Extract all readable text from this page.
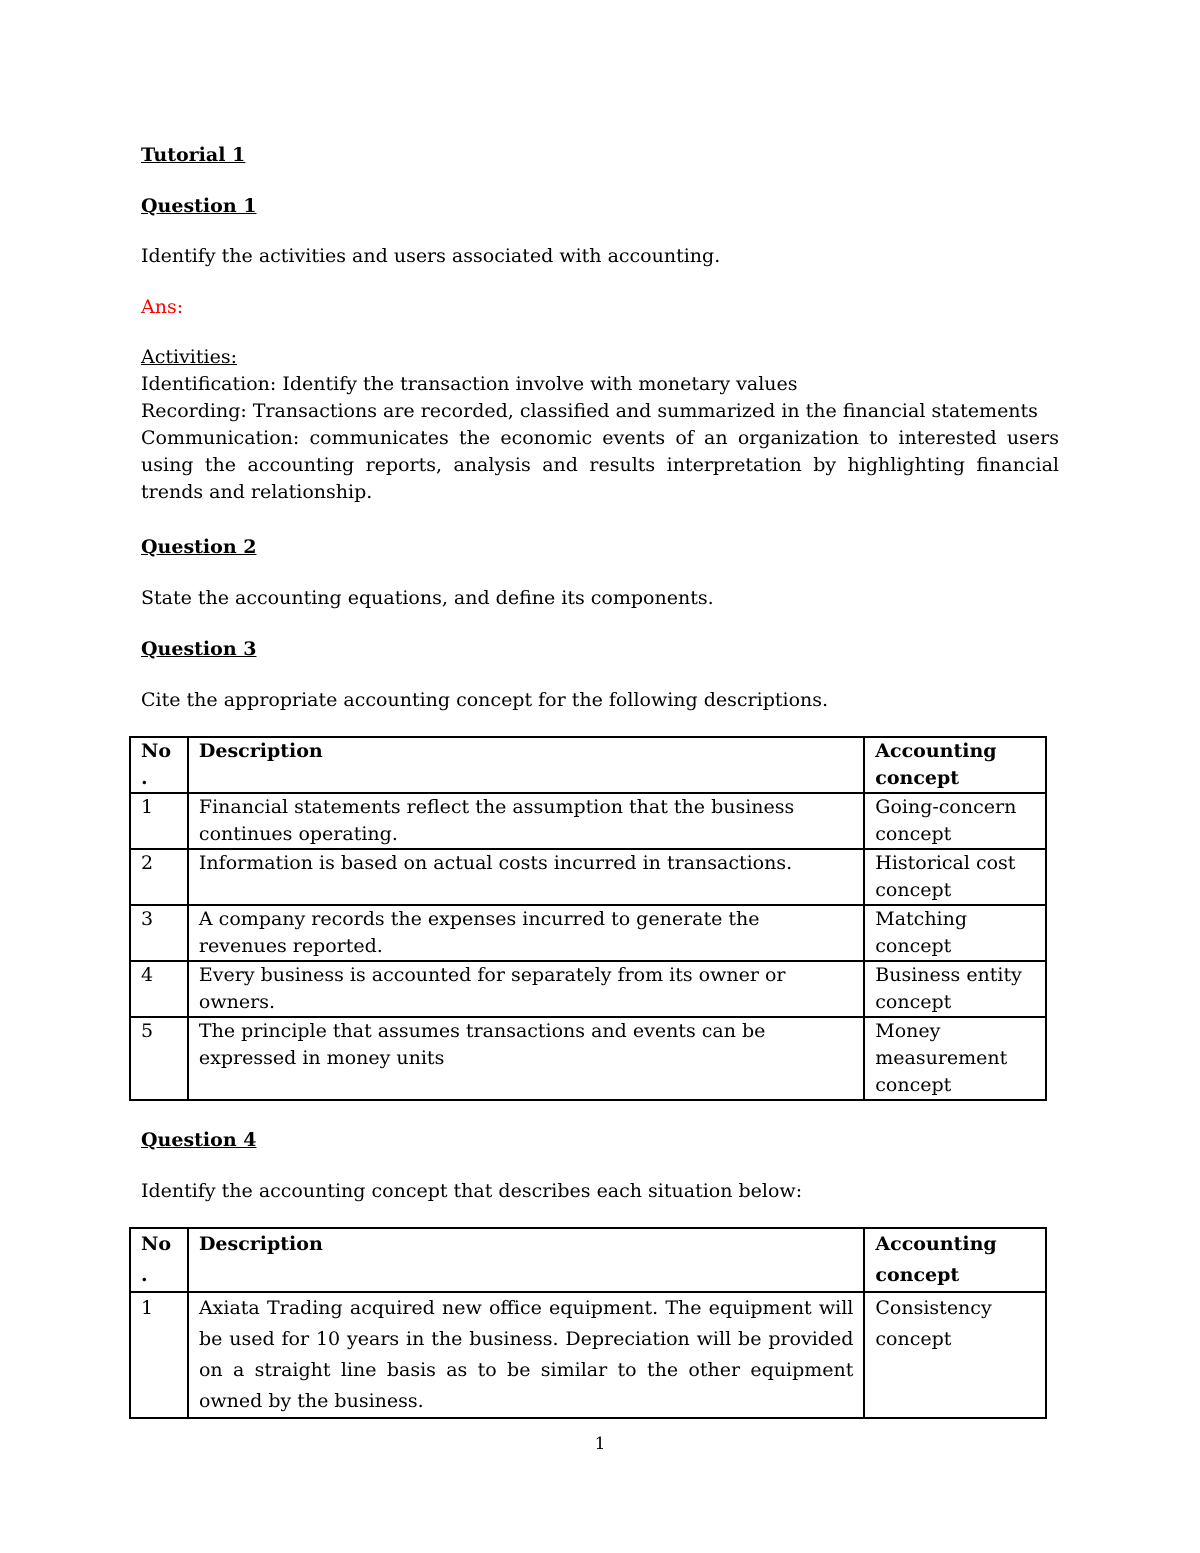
Tutorial 1
Question 1
Identify the activities and users associated with accounting.
Ans:
Activities:
Identification: Identify the transaction involve with monetary values
Recording: Transactions are recorded, classified and summarized in the financial statements
Communication: communicates the economic events of an organization to interested users using the accounting reports, analysis and results interpretation by highlighting financial trends and relationship.
Question 2
State the accounting equations, and define its components.
Question 3
Cite the appropriate accounting concept for the following descriptions.
No .	Description	Accounting concept
1	Financial statements reflect the assumption that the business continues operating.	Going-concern concept
2	Information is based on actual costs incurred in transactions.	Historical cost concept
3	A company records the expenses incurred to generate the revenues reported.	Matching concept
4	Every business is accounted for separately from its owner or owners.	Business entity concept
5	The principle that assumes transactions and events can be expressed in money units	Money measurement concept
Question 4
Identify the accounting concept that describes each situation below:
No .	Description	Accounting concept
1	Axiata Trading acquired new office equipment. The equipment will be used for 10 years in the business. Depreciation will be provided on a straight line basis as to be similar to the other equipment owned by the business.	Consistency concept
1
